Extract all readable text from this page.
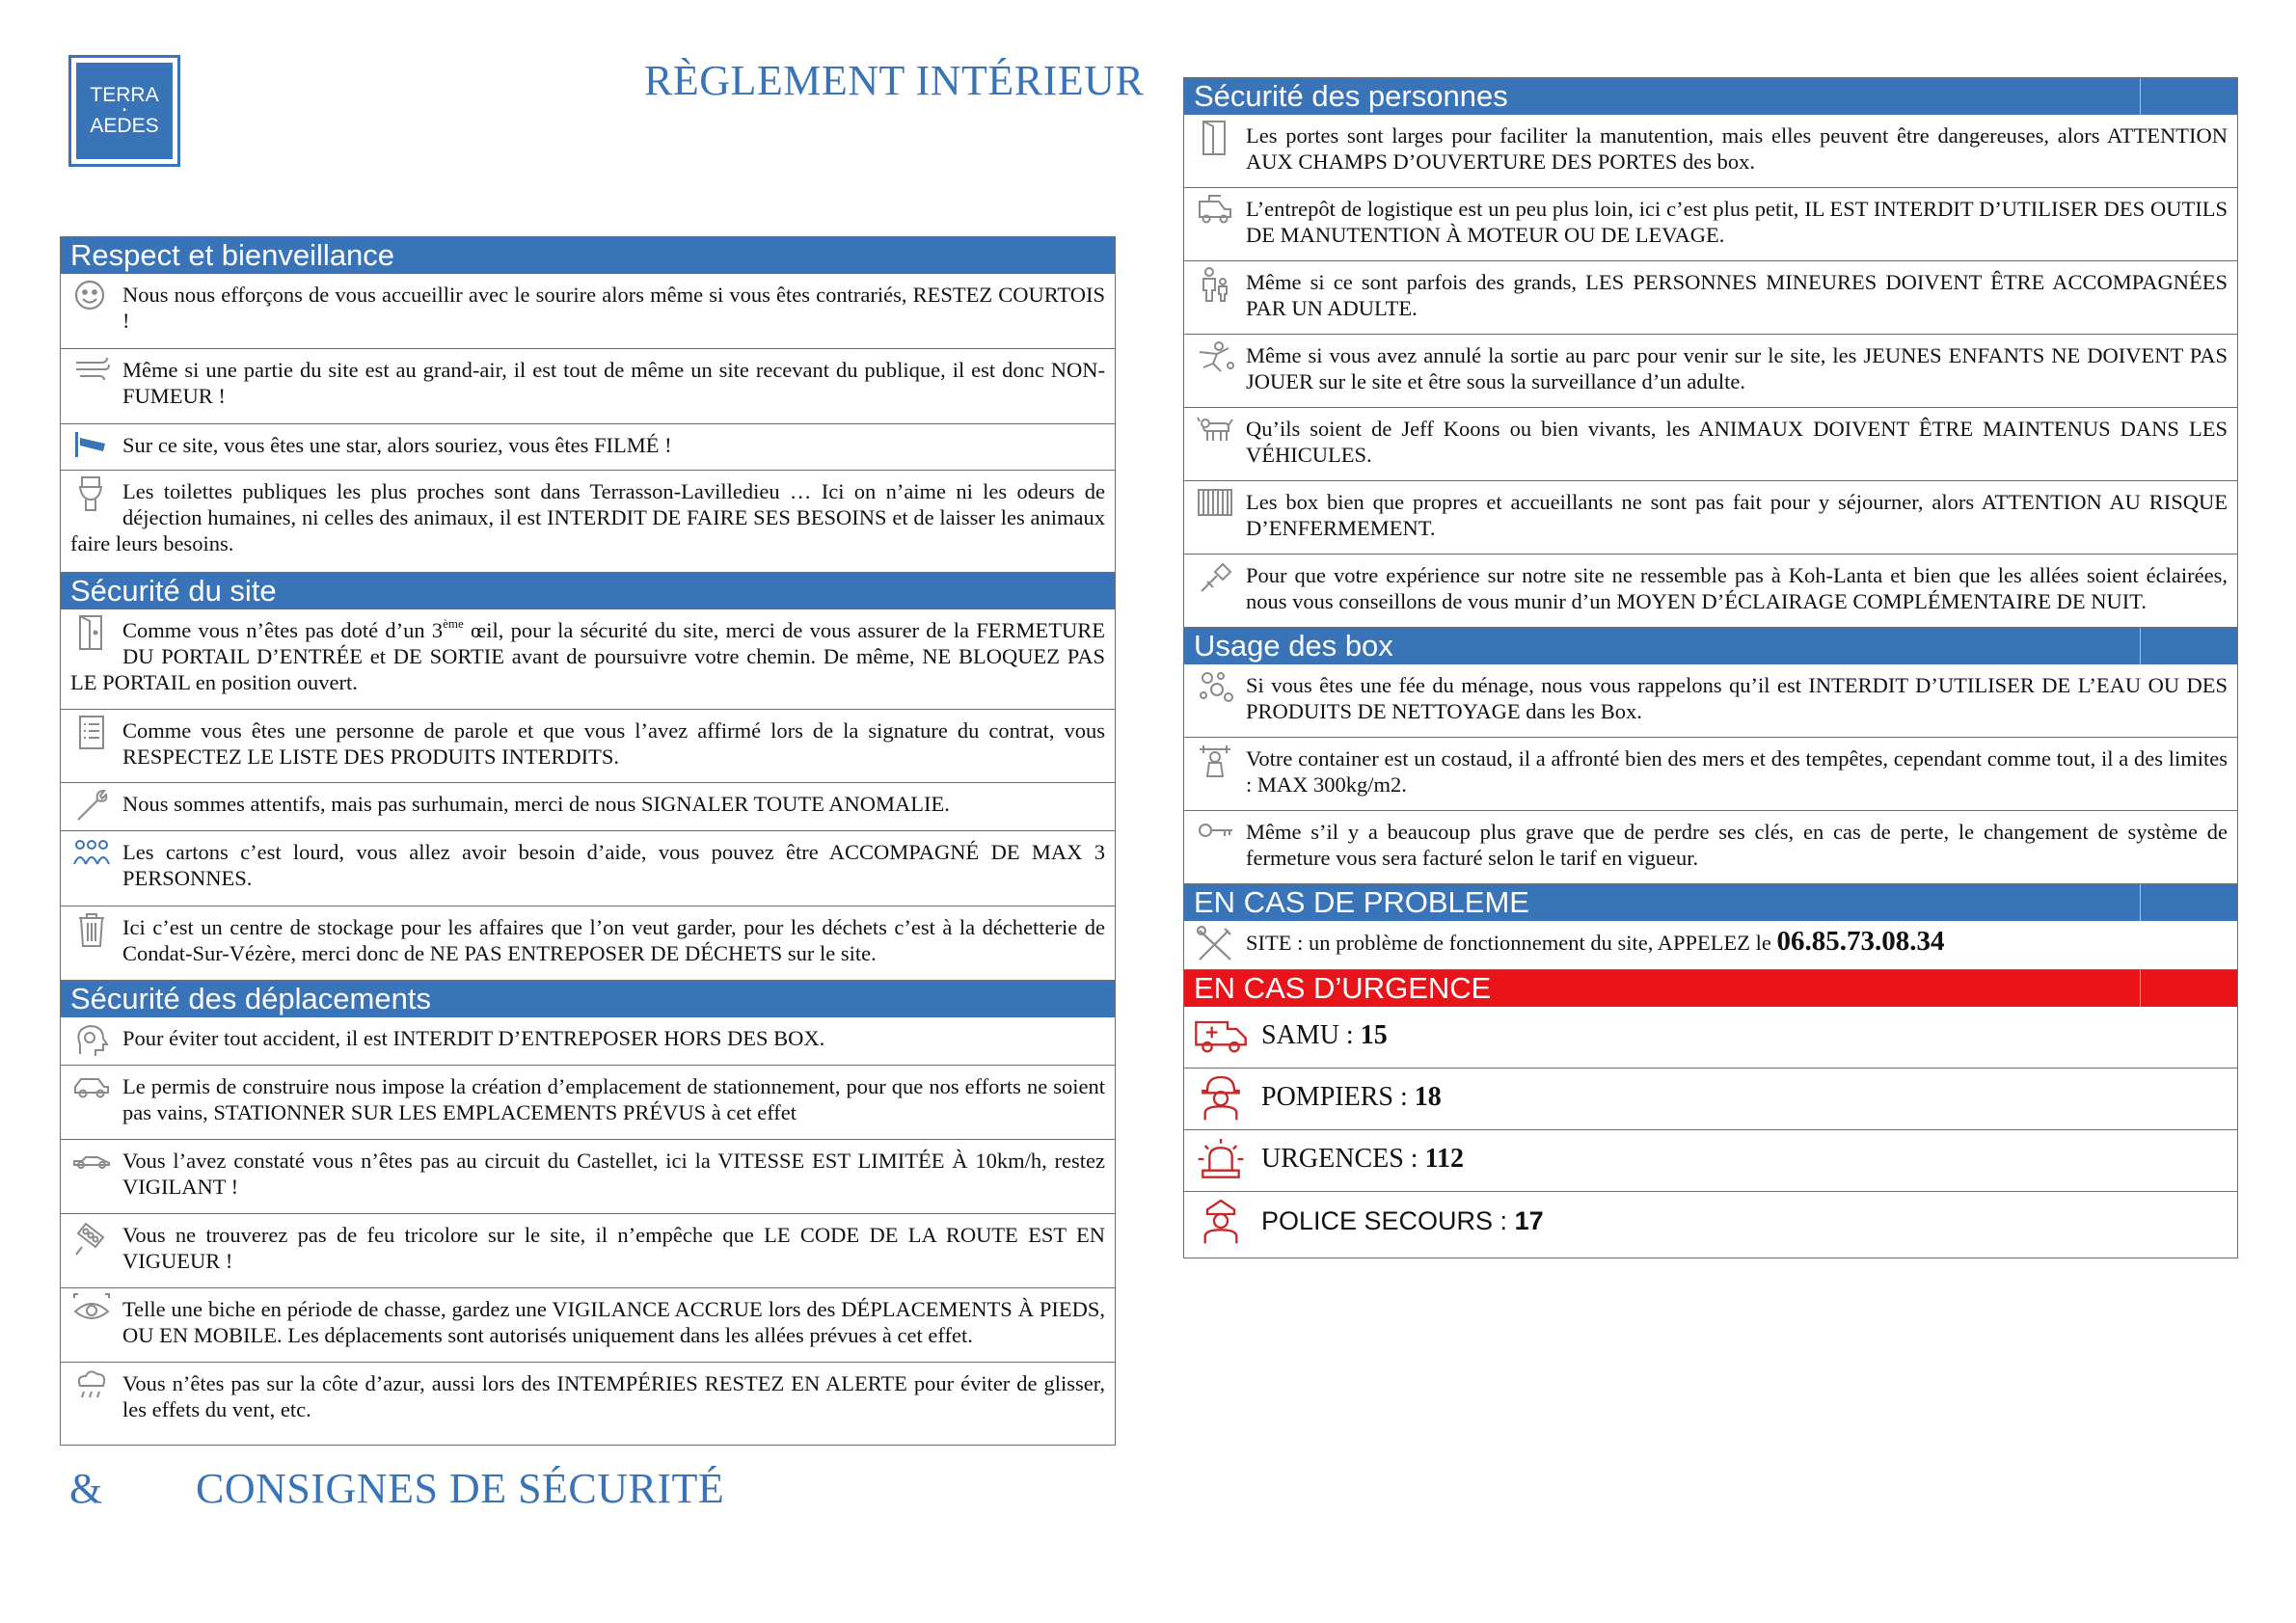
TERRA
•
AEDES
RÈGLEMENT INTÉRIEUR
& CONSIGNES DE SÉCURITÉ
Respect et bienveillance
Nous nous efforçons de vous accueillir avec le sourire alors même si vous êtes contrariés, RESTEZ COURTOIS !
Même si une partie du site est au grand-air, il est tout de même un site recevant du publique, il est donc NON-FUMEUR !
Sur ce site, vous êtes une star, alors souriez, vous êtes FILMÉ !
Les toilettes publiques les plus proches sont dans Terrasson-Lavilledieu … Ici on n’aime ni les odeurs de déjection humaines, ni celles des animaux, il est INTERDIT DE FAIRE SES BESOINS et de laisser les animaux faire leurs besoins.
Sécurité du site
Comme vous n’êtes pas doté d’un 3ème œil, pour la sécurité du site, merci de vous assurer de la FERMETURE DU PORTAIL D’ENTRÉE et DE SORTIE avant de poursuivre votre chemin. De même, NE BLOQUEZ PAS LE PORTAIL en position ouvert.
Comme vous êtes une personne de parole et que vous l’avez affirmé lors de la signature du contrat, vous RESPECTEZ LE LISTE DES PRODUITS INTERDITS.
Nous sommes attentifs, mais pas surhumain, merci de nous SIGNALER TOUTE ANOMALIE.
Les cartons c’est lourd, vous allez avoir besoin d’aide, vous pouvez être ACCOMPAGNÉ DE MAX 3 PERSONNES.
Ici c’est un centre de stockage pour les affaires que l’on veut garder, pour les déchets c’est à la déchetterie de Condat-Sur-Vézère, merci donc de NE PAS ENTREPOSER DE DÉCHETS sur le site.
Sécurité des déplacements
Pour éviter tout accident, il est INTERDIT D’ENTREPOSER HORS DES BOX.
Le permis de construire nous impose la création d’emplacement de stationnement, pour que nos efforts ne soient pas vains, STATIONNER SUR LES EMPLACEMENTS PRÉVUS à cet effet
Vous l’avez constaté vous n’êtes pas au circuit du Castellet, ici la VITESSE EST LIMITÉE À 10km/h, restez VIGILANT !
Vous ne trouverez pas de feu tricolore sur le site, il n’empêche que LE CODE DE LA ROUTE EST EN VIGUEUR !
Telle une biche en période de chasse, gardez une VIGILANCE ACCRUE lors des DÉPLACEMENTS À PIEDS, OU EN MOBILE. Les déplacements sont autorisés uniquement dans les allées prévues à cet effet.
Vous n’êtes pas sur la côte d’azur, aussi lors des INTEMPÉRIES RESTEZ EN ALERTE pour éviter de glisser, les effets du vent, etc.
Sécurité des personnes
Les portes sont larges pour faciliter la manutention, mais elles peuvent être dangereuses, alors ATTENTION AUX CHAMPS D’OUVERTURE DES PORTES des box.
L’entrepôt de logistique est un peu plus loin, ici c’est plus petit, IL EST INTERDIT D’UTILISER DES OUTILS DE MANUTENTION À MOTEUR OU DE LEVAGE.
Même si ce sont parfois des grands, LES PERSONNES MINEURES DOIVENT ÊTRE ACCOMPAGNÉES PAR UN ADULTE.
Même si vous avez annulé la sortie au parc pour venir sur le site, les JEUNES ENFANTS NE DOIVENT PAS JOUER sur le site et être sous la surveillance d’un adulte.
Qu’ils soient de Jeff Koons ou bien vivants, les ANIMAUX DOIVENT ÊTRE MAINTENUS DANS LES VÉHICULES.
Les box bien que propres et accueillants ne sont pas fait pour y séjourner, alors ATTENTION AU RISQUE D’ENFERMEMENT.
Pour que votre expérience sur notre site ne ressemble pas à Koh-Lanta et bien que les allées soient éclairées, nous vous conseillons de vous munir d’un MOYEN D’ÉCLAIRAGE COMPLÉMENTAIRE DE NUIT.
Usage des box
Si vous êtes une fée du ménage, nous vous rappelons qu’il est INTERDIT D’UTILISER DE L’EAU OU DES PRODUITS DE NETTOYAGE dans les Box.
Votre container est un costaud, il a affronté bien des mers et des tempêtes, cependant comme tout, il a des limites : MAX 300kg/m2.
Même s’il y a beaucoup plus grave que de perdre ses clés, en cas de perte, le changement de système de fermeture vous sera facturé selon le tarif en vigueur.
EN CAS DE PROBLEME
SITE : un problème de fonctionnement du site, APPELEZ le 06.85.73.08.34
EN CAS D’URGENCE
SAMU : 15
POMPIERS : 18
URGENCES : 112
POLICE SECOURS : 17
